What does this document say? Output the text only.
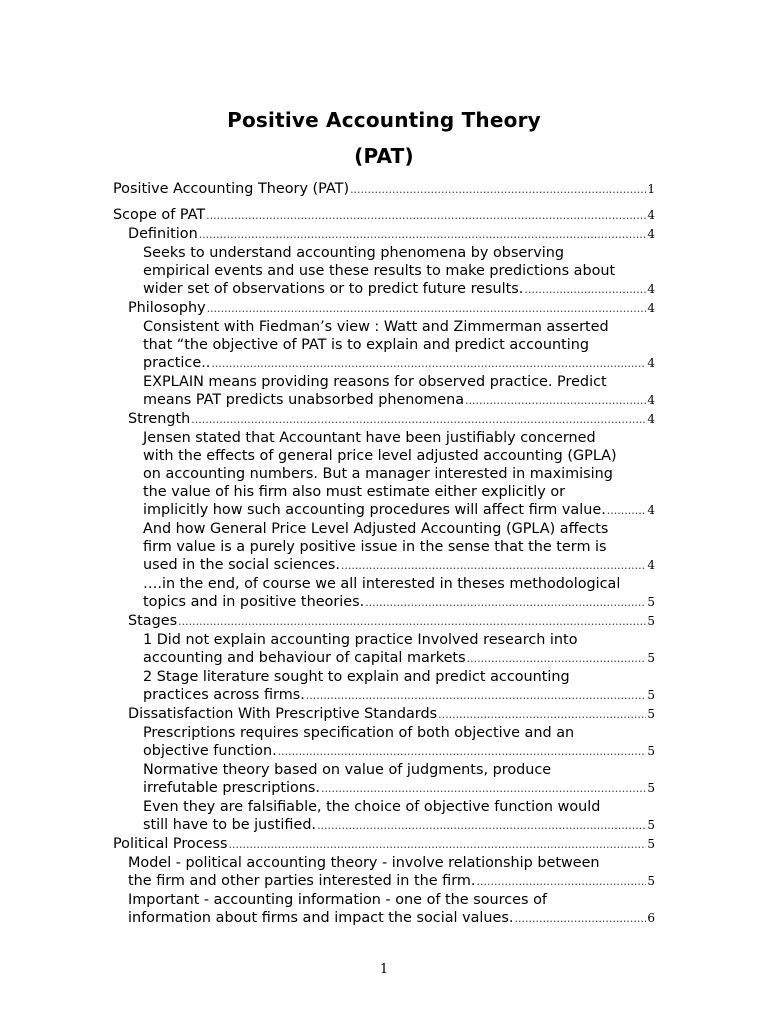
Positive Accounting Theory
(PAT)
Positive Accounting Theory (PAT) .....	1
Scope of PAT .....	4
Definition .....	4
Seeks to understand accounting phenomena by observing
empirical events and use these results to make predictions about
wider set of observations or to predict future results. .....	4
Philosophy .....	4
Consistent with Fiedman’s view : Watt and Zimmerman asserted
that “the objective of PAT is to explain and predict accounting
practice.. .....	4
EXPLAIN means providing reasons for observed practice. Predict
means PAT predicts unabsorbed phenomena .....	4
Strength .....	4
Jensen stated that Accountant have been justifiably concerned
with the effects of general price level adjusted accounting (GPLA)
on accounting numbers. But a manager interested in maximising
the value of his firm also must estimate either explicitly or
implicitly how such accounting procedures will affect firm value. .....	4
And how General Price Level Adjusted Accounting (GPLA) affects
firm value is a purely positive issue in the sense that the term is
used in the social sciences. .....	4
….in the end, of course we all interested in theses methodological
topics and in positive theories. .....	5
Stages .....	5
1 Did not explain accounting practice Involved research into
accounting and behaviour of capital markets .....	5
2 Stage literature sought to explain and predict accounting
practices across firms. .....	5
Dissatisfaction With Prescriptive Standards .....	5
Prescriptions requires specification of both objective and an
objective function. .....	5
Normative theory based on value of judgments, produce
irrefutable prescriptions. .....	5
Even they are falsifiable, the choice of objective function would
still have to be justified. .....	5
Political Process .....	5
Model - political accounting theory - involve relationship between
the firm and other parties interested in the firm. .....	5
Important - accounting information - one of the sources of
information about firms and impact the social values. .....	6
1
